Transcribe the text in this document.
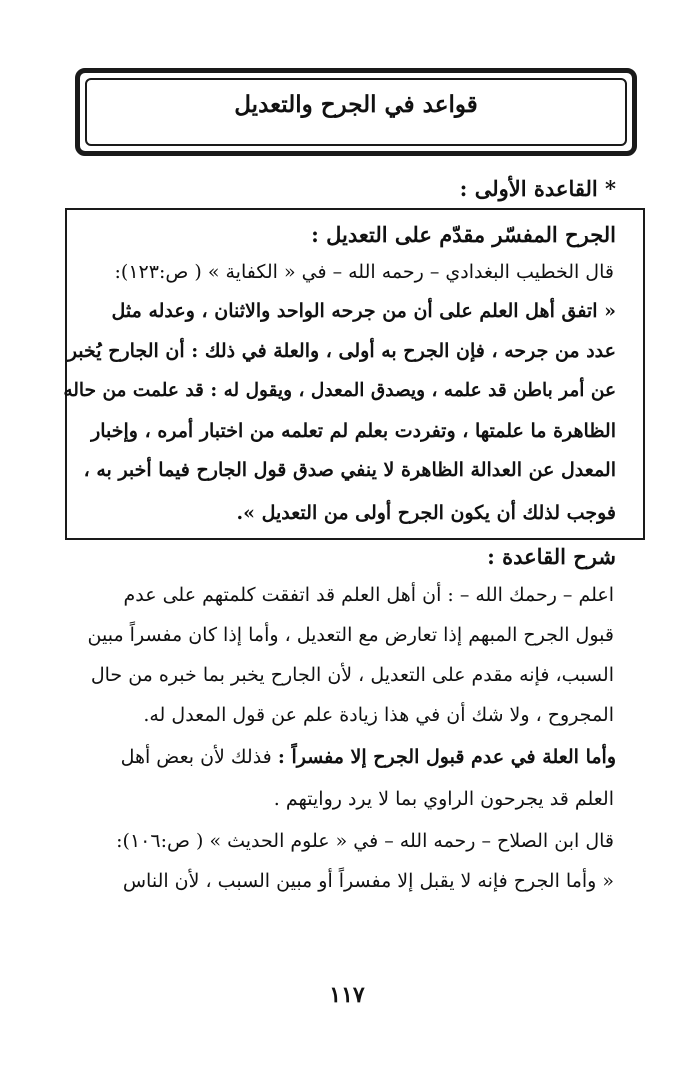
قواعد في الجرح والتعديل
* القاعدة الأولى :
الجرح المفسّر مقدّم على التعديل :
قال الخطيب البغدادي – رحمه الله – في « الكفاية » ( ص:١٢٣):
« اتفق أهل العلم على أن من جرحه الواحد والاثنان ، وعدله مثل
عدد من جرحه ، فإن الجرح به أولى ، والعلة في ذلك : أن الجارح يُخبر
عن أمر باطن قد علمه ، ويصدق المعدل ، ويقول له : قد علمت من حاله
الظاهرة ما علمتها ، وتفردت بعلم لم تعلمه من اختبار أمره ، وإخبار
المعدل عن العدالة الظاهرة لا ينفي صدق قول الجارح فيما أخبر به ،
فوجب لذلك أن يكون الجرح أولى من التعديل ».
شرح القاعدة :
اعلم – رحمك الله – : أن أهل العلم قد اتفقت كلمتهم على عدم
قبول الجرح المبهم إذا تعارض مع التعديل ، وأما إذا كان مفسراً مبين
السبب، فإنه مقدم على التعديل ، لأن الجارح يخبر بما خبره من حال
المجروح ، ولا شك أن في هذا زيادة علم عن قول المعدل له.
وأما العلة في عدم قبول الجرح إلا مفسراً : فذلك لأن بعض أهل
العلم قد يجرحون الراوي بما لا يرد روايتهم .
قال ابن الصلاح – رحمه الله – في « علوم الحديث » ( ص:١٠٦):
« وأما الجرح فإنه لا يقبل إلا مفسراً أو مبين السبب ، لأن الناس
١١٧
